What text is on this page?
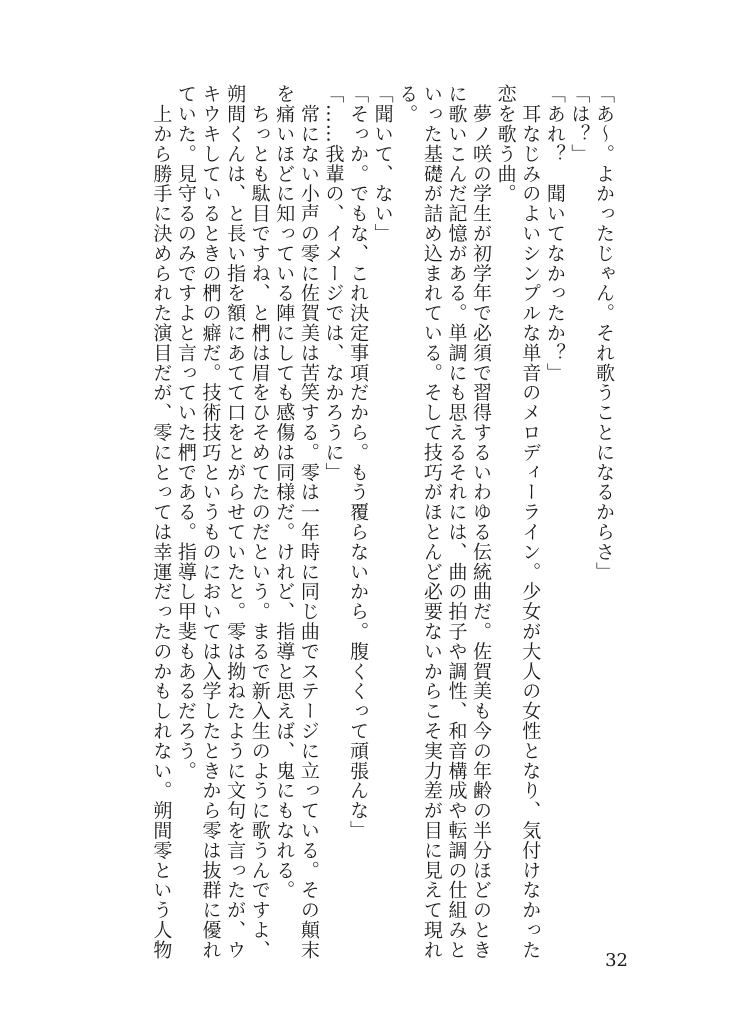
「あ〜。よかったじゃん。それ歌うことになるからさ」
「は？」
「あれ？　聞いてなかったか？」
　耳なじみのよいシンプルな単音のメロディーライン。少女が大人の女性となり、気付けなかった
恋を歌う曲。
　夢ノ咲の学生が初学年で必須で習得するいわゆる伝統曲だ。佐賀美も今の年齢の半分ほどのとき
に歌いこんだ記憶がある。単調にも思えるそれには、曲の拍子や調性、和音構成や転調の仕組みと
いった基礎が詰め込まれている。そして技巧がほとんど必要ないからこそ実力差が目に見えて現れ
る。
「聞いて、ない」
「そっか。でもな、これ決定事項だから。もう覆らないから。腹くくって頑張んな」
「……我輩の、イメージでは、なかろうに」
　常にない小声の零に佐賀美は苦笑する。零は一年時に同じ曲でステージに立っている。その顛末
を痛いほどに知っている陣にしても感傷は同様だ。けれど、指導と思えば、鬼にもなれる。
　ちっとも駄目ですね、と椚は眉をひそめてたのだという。まるで新入生のように歌うんですよ、
朔間くんは、と長い指を額にあてて口をとがらせていたと。零は拗ねたように文句を言ったが、ウ
キウキしているときの椚の癖だ。技術技巧というものにおいては入学したときから零は抜群に優れ
ていた。見守るのみですよと言っていた椚である。指導し甲斐もあるだろう。
　上から勝手に決められた演目だが、零にとっては幸運だったのかもしれない。朔間零という人物
32
